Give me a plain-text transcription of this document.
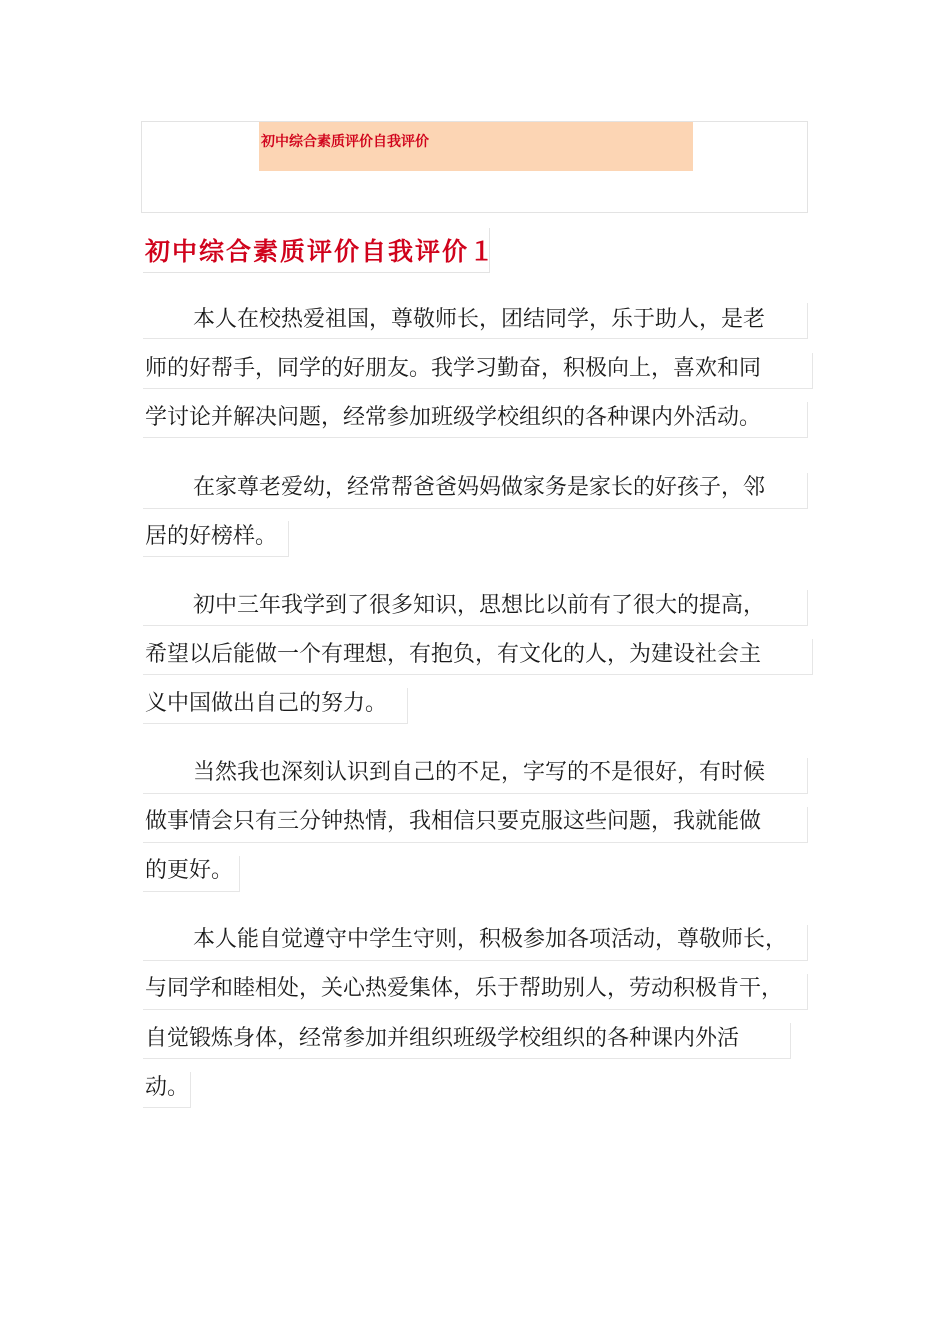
初中综合素质评价自我评价
初中综合素质评价自我评价１
本人在校热爱祖国，尊敬师长，团结同学，乐于助人，是老
师的好帮手，同学的好朋友。我学习勤奋，积极向上，喜欢和同
学讨论并解决问题，经常参加班级学校组织的各种课内外活动。
在家尊老爱幼，经常帮爸爸妈妈做家务是家长的好孩子，邻
居的好榜样。
初中三年我学到了很多知识，思想比以前有了很大的提高，
希望以后能做一个有理想，有抱负，有文化的人，为建设社会主
义中国做出自己的努力。
当然我也深刻认识到自己的不足，字写的不是很好，有时候
做事情会只有三分钟热情，我相信只要克服这些问题，我就能做
的更好。
本人能自觉遵守中学生守则，积极参加各项活动，尊敬师长，
与同学和睦相处，关心热爱集体，乐于帮助别人，劳动积极肯干，
自觉锻炼身体，经常参加并组织班级学校组织的各种课内外活
动。
